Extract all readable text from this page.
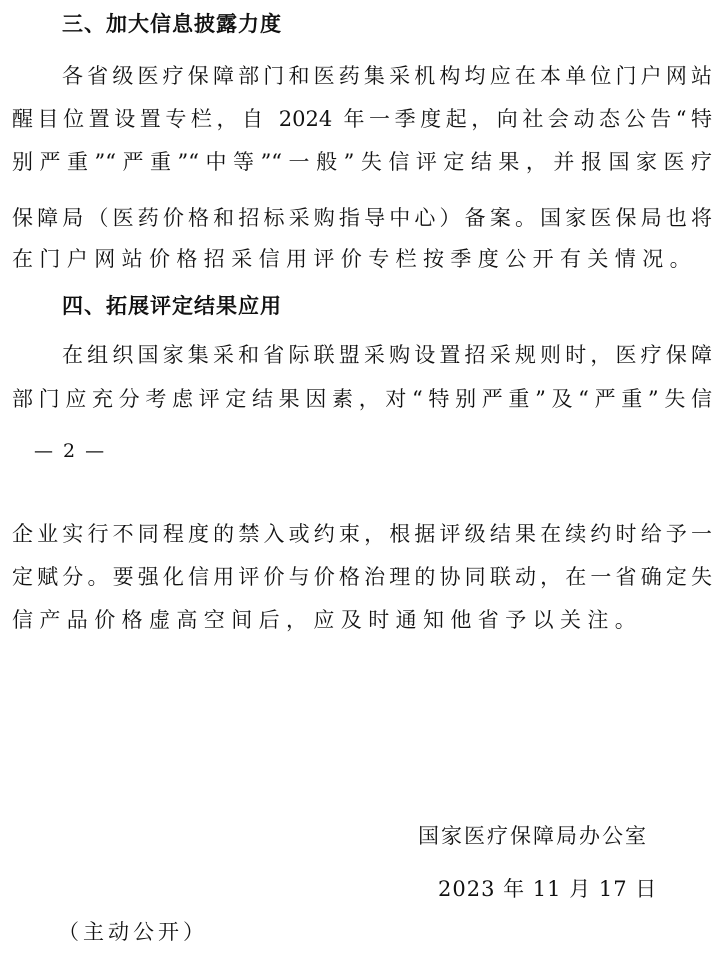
三、加大信息披露力度
各省级医疗保障部门和医药集采机构均应在本单位门户网站
醒目位置设置专栏，自 2024 年一季度起，向社会动态公告“特
别严重”“严重”“中等”“一般”失信评定结果，并报国家医疗
保障局（医药价格和招标采购指导中心）备案。国家医保局也将
在门户网站价格招采信用评价专栏按季度公开有关情况。
四、拓展评定结果应用
在组织国家集采和省际联盟采购设置招采规则时，医疗保障
部门应充分考虑评定结果因素，对“特别严重”及“严重”失信
— 2 —
企业实行不同程度的禁入或约束，根据评级结果在续约时给予一
定赋分。要强化信用评价与价格治理的协同联动，在一省确定失
信产品价格虚高空间后，应及时通知他省予以关注。
国家医疗保障局办公室
2023 年 11 月 17 日
（主动公开）
